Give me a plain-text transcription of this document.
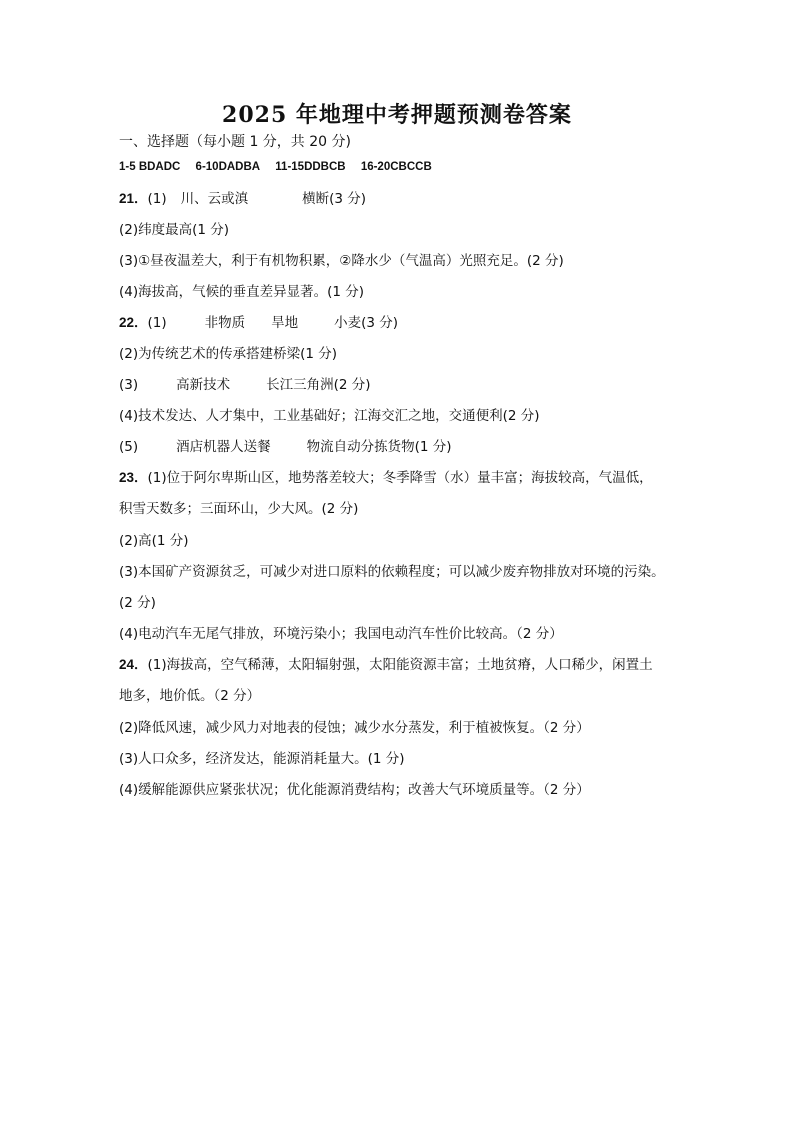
2025 年地理中考押题预测卷答案
一、选择题（每小题 1 分，共 20 分)
1-5 BDADC 6-10DADBA 11-15DDBCB 16-20CBCCB
21．(1) 川、云或滇	横断(3 分)
(2)纬度最高(1 分)
(3)①昼夜温差大，利于有机物积累，②降水少（气温高）光照充足。(2 分)
(4)海拔高，气候的垂直差异显著。(1 分)
22．(1)	非物质 旱地	小麦(3 分)
(2)为传统艺术的传承搭建桥梁(1 分)
(3)	高新技术	长江三角洲(2 分)
(4)技术发达、人才集中，工业基础好；江海交汇之地，交通便利(2 分)
(5)	酒店机器人送餐	物流自动分拣货物(1 分)
23．(1)位于阿尔卑斯山区，地势落差较大；冬季降雪（水）量丰富；海拔较高，气温低，
积雪天数多；三面环山，少大风。(2 分)
(2)高(1 分)
(3)本国矿产资源贫乏，可减少对进口原料的依赖程度；可以减少废弃物排放对环境的污染。
(2 分)
(4)电动汽车无尾气排放，环境污染小；我国电动汽车性价比较高。（2 分）
24．(1)海拔高，空气稀薄，太阳辐射强，太阳能资源丰富；土地贫瘠，人口稀少，闲置土
地多，地价低。（2 分）
(2)降低风速，减少风力对地表的侵蚀；减少水分蒸发，利于植被恢复。（2 分）
(3)人口众多，经济发达，能源消耗量大。(1 分)
(4)缓解能源供应紧张状况；优化能源消费结构；改善大气环境质量等。（2 分）
